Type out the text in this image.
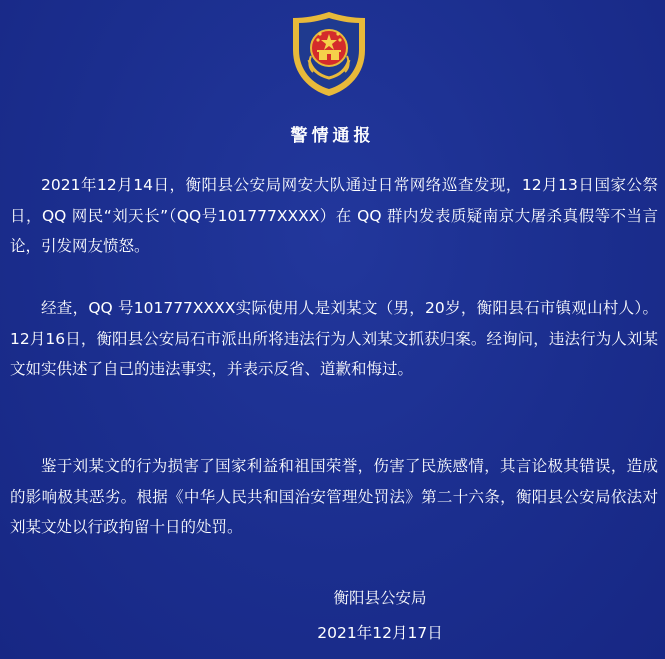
警情通报

2021年12月14日，衡阳县公安局网安大队通过日常网络巡查发现，12月13日国家公祭日，QQ 网民“刘天长”（QQ号101777XXXX）在 QQ 群内发表质疑南京大屠杀真假等不当言论，引发网友愤怒。

经查，QQ 号101777XXXX实际使用人是刘某文（男，20岁，衡阳县石市镇观山村人）。12月16日，衡阳县公安局石市派出所将违法行为人刘某文抓获归案。经询问，违法行为人刘某文如实供述了自己的违法事实，并表示反省、道歉和悔过。

鉴于刘某文的行为损害了国家利益和祖国荣誉，伤害了民族感情，其言论极其错误，造成的影响极其恶劣。根据《中华人民共和国治安管理处罚法》第二十六条，衡阳县公安局依法对刘某文处以行政拘留十日的处罚。

衡阳县公安局
2021年12月17日
